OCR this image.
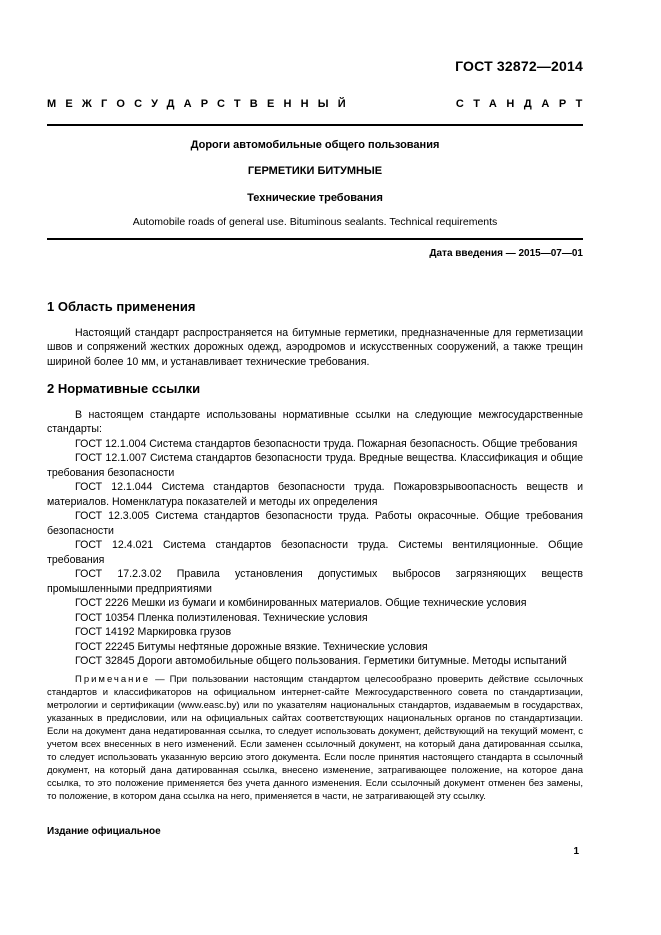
ГОСТ 32872—2014
МЕЖГОСУДАРСТВЕННЫЙ	СТАНДАРТ
Дороги автомобильные общего пользования
ГЕРМЕТИКИ БИТУМНЫЕ
Технические требования
Automobile roads of general use. Bituminous sealants. Technical requirements
Дата введения — 2015—07—01

1 Область применения

Настоящий стандарт распространяется на битумные герметики, предназначенные для герметизации швов и сопряжений жестких дорожных одежд, аэродромов и искусственных сооружений, а также трещин шириной более 10 мм, и устанавливает технические требования.

2 Нормативные ссылки

В настоящем стандарте использованы нормативные ссылки на следующие межгосударственные стандарты:

ГОСТ 12.1.004 Система стандартов безопасности труда. Пожарная безопасность. Общие требования

ГОСТ 12.1.007 Система стандартов безопасности труда. Вредные вещества. Классификация и общие требования безопасности

ГОСТ 12.1.044 Система стандартов безопасности труда. Пожаровзрывоопасность веществ и материалов. Номенклатура показателей и методы их определения

ГОСТ 12.3.005 Система стандартов безопасности труда. Работы окрасочные. Общие требования безопасности

ГОСТ 12.4.021 Система стандартов безопасности труда. Системы вентиляционные. Общие требования

ГОСТ 17.2.3.02 Правила установления допустимых выбросов загрязняющих веществ промышленными предприятиями

ГОСТ 2226 Мешки из бумаги и комбинированных материалов. Общие технические условия

ГОСТ 10354 Пленка полиэтиленовая. Технические условия

ГОСТ 14192 Маркировка грузов

ГОСТ 22245 Битумы нефтяные дорожные вязкие. Технические условия

ГОСТ 32845 Дороги автомобильные общего пользования. Герметики битумные. Методы испытаний

Примечание — При пользовании настоящим стандартом целесообразно проверить действие ссылочных стандартов и классификаторов на официальном интернет-сайте Межгосударственного совета по стандартизации, метрологии и сертификации (www.easc.by) или по указателям национальных стандартов, издаваемым в государствах, указанных в предисловии, или на официальных сайтах соответствующих национальных органов по стандартизации. Если на документ дана недатированная ссылка, то следует использовать документ, действующий на текущий момент, с учетом всех внесенных в него изменений. Если заменен ссылочный документ, на который дана датированная ссылка, то следует использовать указанную версию этого документа. Если после принятия настоящего стандарта в ссылочный документ, на который дана датированная ссылка, внесено изменение, затрагивающее положение, на которое дана ссылка, то это положение применяется без учета данного изменения. Если ссылочный документ отменен без замены, то положение, в котором дана ссылка на него, применяется в части, не затрагивающей эту ссылку.

Издание официальное
1
